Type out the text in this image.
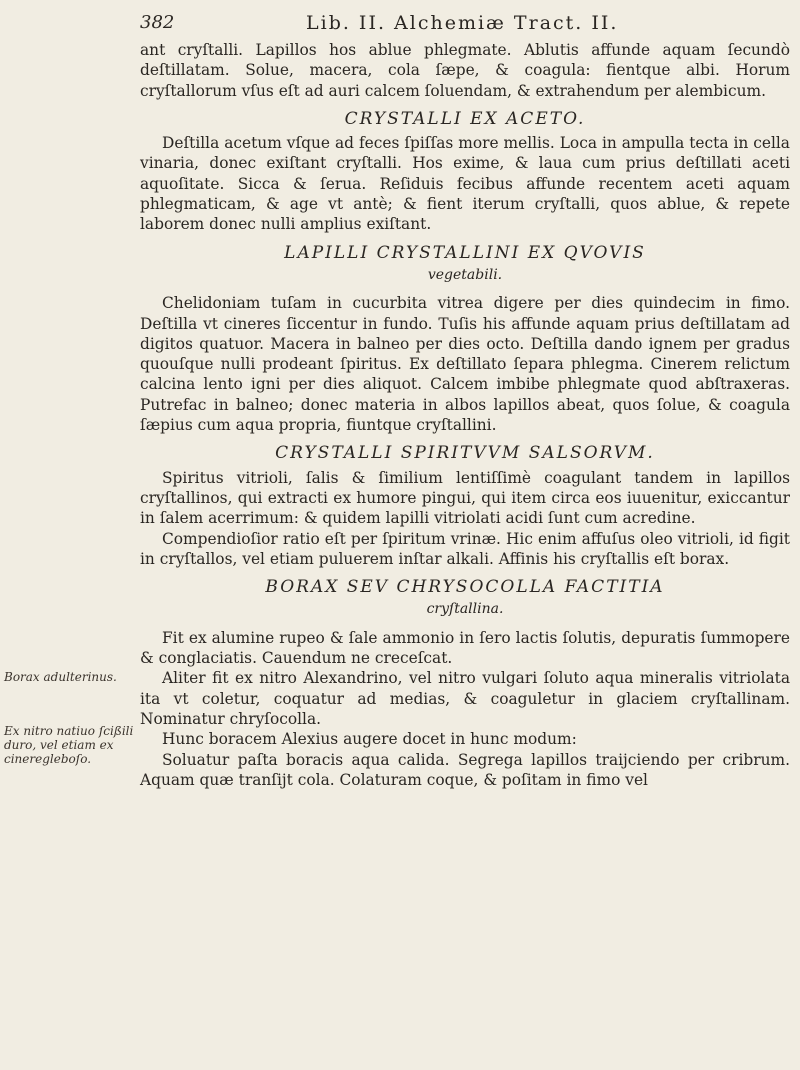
382	Lib. II. Alchemiæ Tract. II.

ant cryſtalli. Lapillos hos ablue phlegmate. Ablutis affunde aquam ſecundò deſtillatam. Solue, macera, cola ſæpe, & coagula: fientque albi. Horum cryſtallorum vſus eſt ad auri calcem ſoluendam, & extrahendum per alembicum.

CRYSTALLI EX ACETO.

Deſtilla acetum vſque ad feces ſpiſſas more mellis. Loca in ampulla tecta in cella vinaria, donec exiſtant cryſtalli. Hos exime, & laua cum prius deſtillati aceti aquoſitate. Sicca & ſerua. Reſiduis fecibus affunde recentem aceti aquam phlegmaticam, & age vt antè; & fient iterum cryſtalli, quos ablue, & repete laborem donec nulli amplius exiſtant.

LAPILLI CRYSTALLINI EX QVOVIS
vegetabili.

Chelidoniam tuſam in cucurbita vitrea digere per dies quindecim in fimo. Deſtilla vt cineres ſiccentur in fundo. Tuſis his affunde aquam prius deſtillatam ad digitos quatuor. Macera in balneo per dies octo. Deſtilla dando ignem per gradus quouſque nulli prodeant ſpiritus. Ex deſtillato ſepara phlegma. Cinerem relictum calcina lento igni per dies aliquot. Calcem imbibe phlegmate quod abſtraxeras. Putrefac in balneo; donec materia in albos lapillos abeat, quos ſolue, & coagula ſæpius cum aqua propria, fiuntque cryſtallini.

CRYSTALLI SPIRITVVM SALSORVM.

Spiritus vitrioli, ſalis & ſimilium lentiſſimè coagulant tandem in lapillos cryſtallinos, qui extracti ex humore pingui, qui item circa eos iuuenitur, exiccantur in ſalem acerrimum: & quidem lapilli vitriolati acidi ſunt cum acredine.

Compendioſior ratio eſt per ſpiritum vrinæ. Hic enim affuſus oleo vitrioli, id figit in cryſtallos, vel etiam puluerem inſtar alkali. Affinis his cryſtallis eſt borax.

BORAX SEV CHRYSOCOLLA FACTITIA
cryſtallina.

Fit ex alumine rupeo & ſale ammonio in ſero lactis ſolutis, depuratis ſummopere & conglaciatis. Cauendum ne creceſcat.

Aliter fit ex nitro Alexandrino, vel nitro vulgari ſoluto aqua mineralis vitriolata ita vt coletur, coquatur ad medias, & coaguletur in glaciem cryſtallinam. Nominatur chryſocolla.

Hunc boracem Alexius augere docet in hunc modum:

Soluatur paſta boracis aqua calida. Segrega lapillos traijciendo per cribrum. Aquam quæ tranſijt cola. Colaturam coque, & poſitam in fimo vel

Borax adulterinus.
Ex nitro natiuo ſcißili duro, vel etiam ex cineregleboſo.
